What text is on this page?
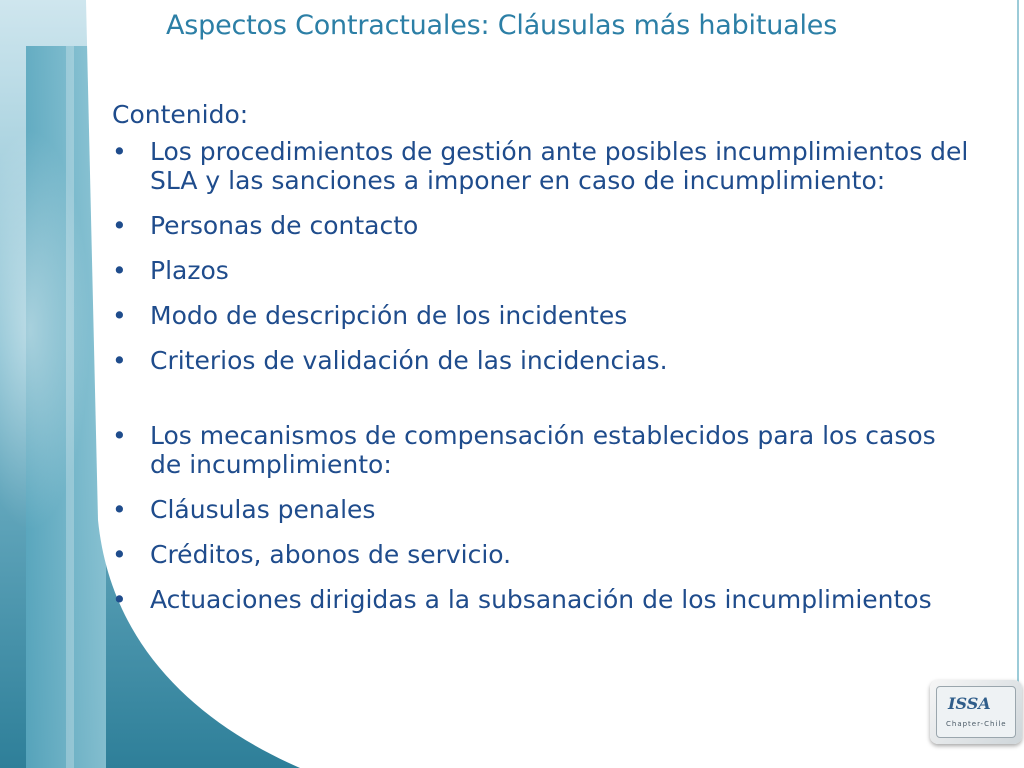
Aspectos Contractuales: Cláusulas más habituales
Contenido:
• Los procedimientos de gestión ante posibles incumplimientos del SLA y las sanciones a imponer en caso de incumplimiento:
• Personas de contacto
• Plazos
• Modo de descripción de los incidentes
• Criterios de validación de las incidencias.
• Los mecanismos de compensación establecidos para los casos de incumplimiento:
• Cláusulas penales
• Créditos, abonos de servicio.
• Actuaciones dirigidas a la subsanación de los incumplimientos
ISSA
Chapter-Chile
